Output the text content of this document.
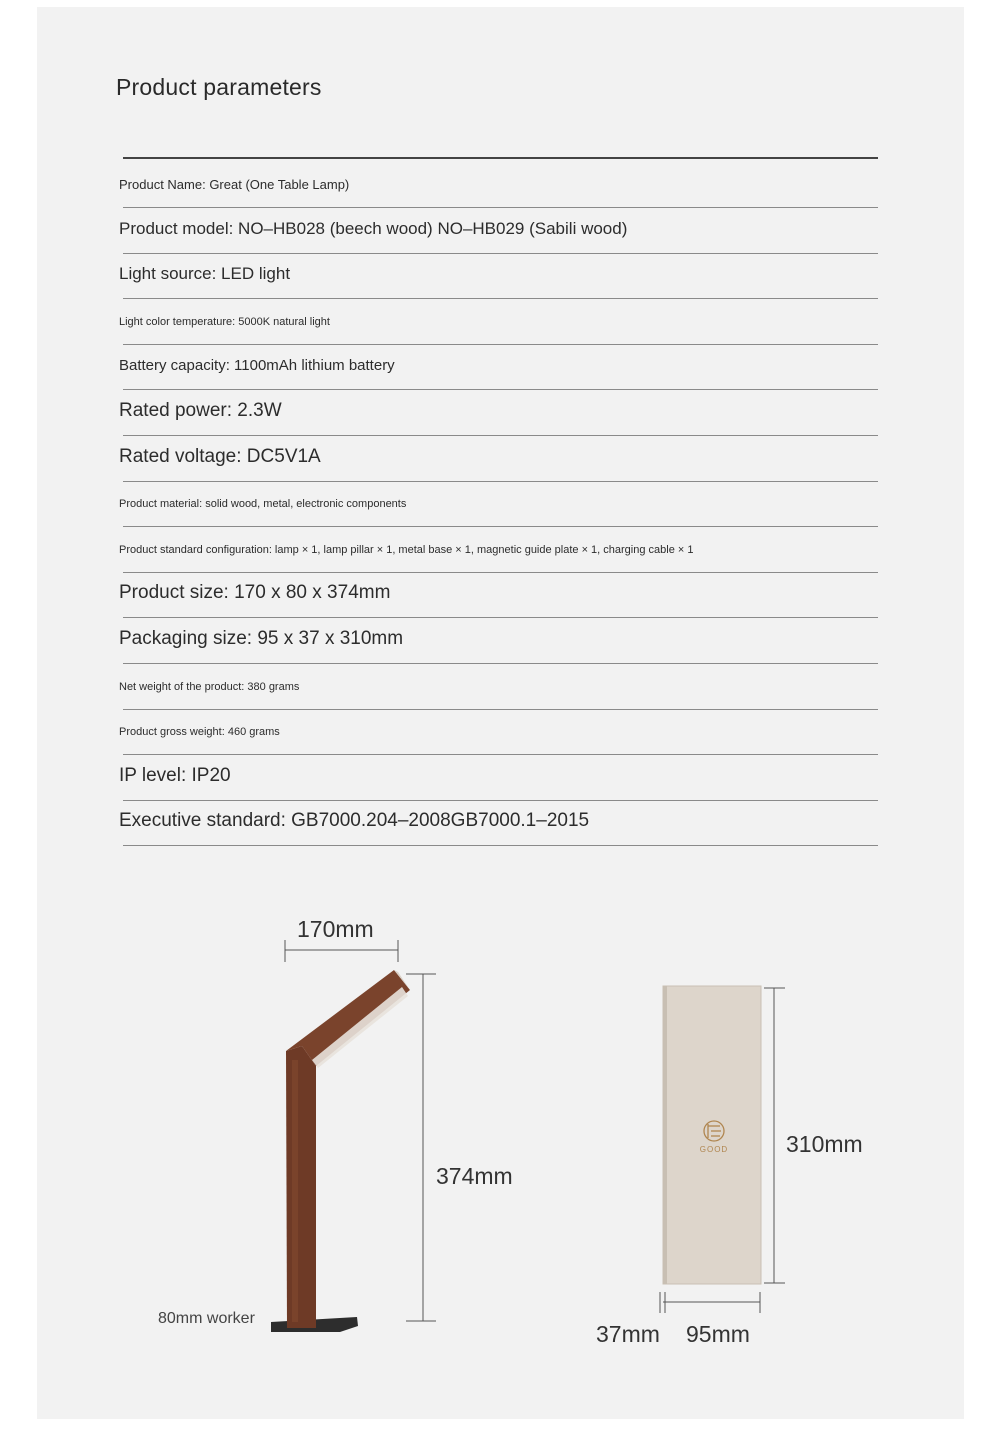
Product parameters
Product Name: Great (One Table Lamp)
Product model: NO–HB028 (beech wood) NO–HB029 (Sabili wood)
Light source: LED light
Light color temperature: 5000K natural light
Battery capacity: 1100mAh lithium battery
Rated power: 2.3W
Rated voltage: DC5V1A
Product material: solid wood, metal, electronic components
Product standard configuration: lamp × 1, lamp pillar × 1, metal base × 1, magnetic guide plate × 1, charging cable × 1
Product size: 170 x 80 x 374mm
Packaging size: 95 x 37 x 310mm
Net weight of the product: 380 grams
Product gross weight: 460 grams
IP level: IP20
Executive standard: GB7000.204–2008GB7000.1–2015
GOOD
170mm
374mm
80mm worker
310mm
37mm 95mm
